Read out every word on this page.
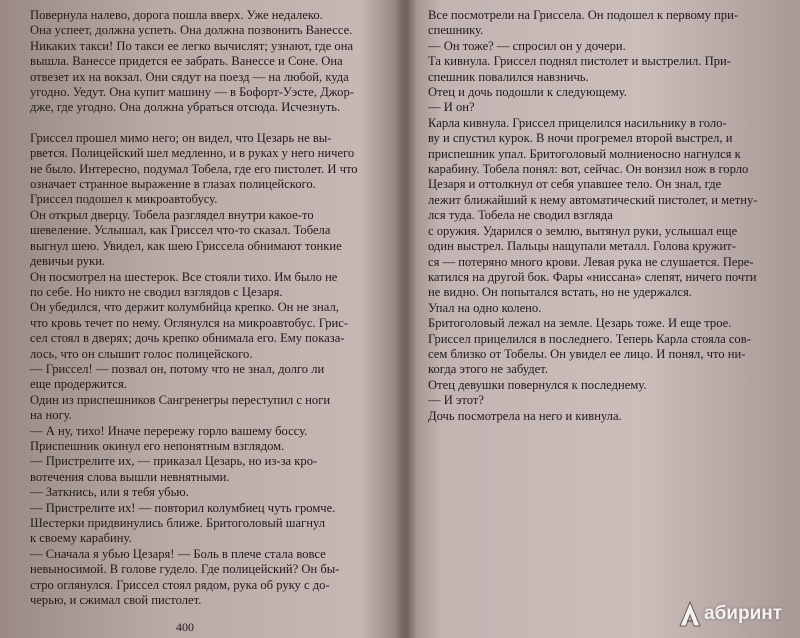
Повернула налево, дорога пошла вверх. Уже недалеко.
Она успеет, должна успеть. Она должна позвонить Ванессе.
Никаких такси! По такси ее легко вычислят; узнают, где она
вышла. Ванессе придется ее забрать. Ванессе и Соне. Она
отвезет их на вокзал. Они сядут на поезд — на любой, куда
угодно. Уедут. Она купит машину — в Бофорт-Уэсте, Джор-
дже, где угодно. Она должна убраться отсюда. Исчезнуть.
Гриссел прошел мимо него; он видел, что Цезарь не вы-
рвется. Полицейский шел медленно, и в руках у него ничего
не было. Интересно, подумал Тобела, где его пистолет. И что
означает странное выражение в глазах полицейского.
Гриссел подошел к микроавтобусу.
Он открыл дверцу. Тобела разглядел внутри какое-то
шевеление. Услышал, как Гриссел что-то сказал. Тобела
выгнул шею. Увидел, как шею Гриссела обнимают тонкие
девичьи руки.
Он посмотрел на шестерок. Все стояли тихо. Им было не
по себе. Но никто не сводил взглядов с Цезаря.
Он убедился, что держит колумбийца крепко. Он не знал,
что кровь течет по нему. Оглянулся на микроавтобус. Грис-
сел стоял в дверях; дочь крепко обнимала его. Ему показа-
лось, что он слышит голос полицейского.
— Гриссел! — позвал он, потому что не знал, долго ли
еще продержится.
Один из приспешников Сангренегры переступил с ноги
на ногу.
— А ну, тихо! Иначе перережу горло вашему боссу.
Приспешник окинул его непонятным взглядом.
— Пристрелите их, — приказал Цезарь, но из-за кро-
вотечения слова вышли невнятными.
— Заткнись, или я тебя убью.
— Пристрелите их! — повторил колумбиец чуть громче.
Шестерки придвинулись ближе. Бритоголовый шагнул
к своему карабину.
— Сначала я убью Цезаря! — Боль в плече стала вовсе
невыносимой. В голове гудело. Где полицейский? Он бы-
стро оглянулся. Гриссел стоял рядом, рука об руку с до-
черью, и сжимал свой пистолет.
Все посмотрели на Гриссела. Он подошел к первому при-
спешнику.
— Он тоже? — спросил он у дочери.
Та кивнула. Гриссел поднял пистолет и выстрелил. При-
спешник повалился навзничь.
Отец и дочь подошли к следующему.
— И он?
Карла кивнула. Гриссел прицелился насильнику в голо-
ву и спустил курок. В ночи прогремел второй выстрел, и
приспешник упал. Бритоголовый молниеносно нагнулся к
карабину. Тобела понял: вот, сейчас. Он вонзил нож в горло
Цезаря и оттолкнул от себя упавшее тело. Он знал, где
лежит ближайший к нему автоматический пистолет, и метну-
лся туда. Тобела не сводил взгляда
с оружия. Ударился о землю, вытянул руки, услышал еще
один выстрел. Пальцы нащупали металл. Голова кружит-
ся — потеряно много крови. Левая рука не слушается. Пере-
катился на другой бок. Фары «ниссана» слепят, ничего почти
не видно. Он попытался встать, но не удержался.
Упал на одно колено.
Бритоголовый лежал на земле. Цезарь тоже. И еще трое.
Гриссел прицелился в последнего. Теперь Карла стояла сов-
сем близко от Тобелы. Он увидел ее лицо. И понял, что ни-
когда этого не забудет.
Отец девушки повернулся к последнему.
— И этот?
Дочь посмотрела на него и кивнула.
400
абиринт
